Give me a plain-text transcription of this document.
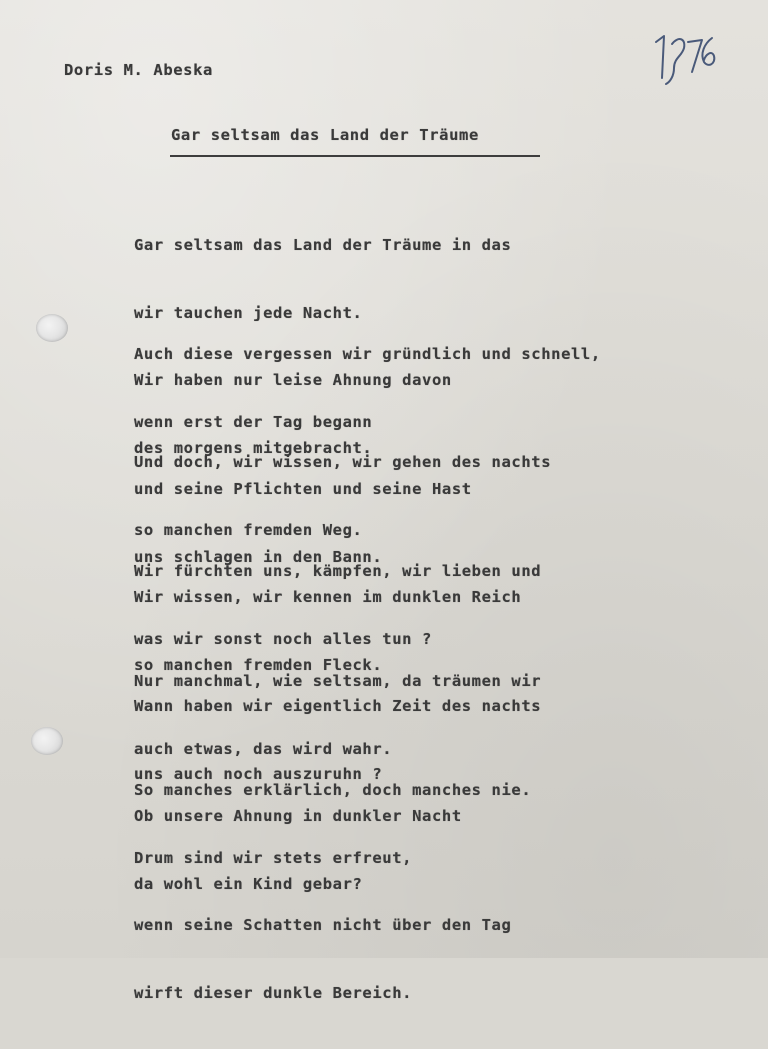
Doris M. Abeska
Gar seltsam das Land der Träume

Gar seltsam das Land der Träume in das

wir tauchen jede Nacht.

Wir haben nur leise Ahnung davon

des morgens mitgebracht.

Auch diese vergessen wir gründlich und schnell,

wenn erst der Tag begann

und seine Pflichten und seine Hast

uns schlagen in den Bann.

Und doch, wir wissen, wir gehen des nachts

so manchen fremden Weg.

Wir wissen, wir kennen im dunklen Reich

so manchen fremden Fleck.

Wir fürchten uns, kämpfen, wir lieben und

was wir sonst noch alles tun ?

Wann haben wir eigentlich Zeit des nachts

uns auch noch auszuruhn ?

Nur manchmal, wie seltsam, da träumen wir

auch etwas, das wird wahr.

Ob unsere Ahnung in dunkler Nacht

da wohl ein Kind gebar?

So manches erklärlich, doch manches nie.

Drum sind wir stets erfreut,

wenn seine Schatten nicht über den Tag

wirft dieser dunkle Bereich.
